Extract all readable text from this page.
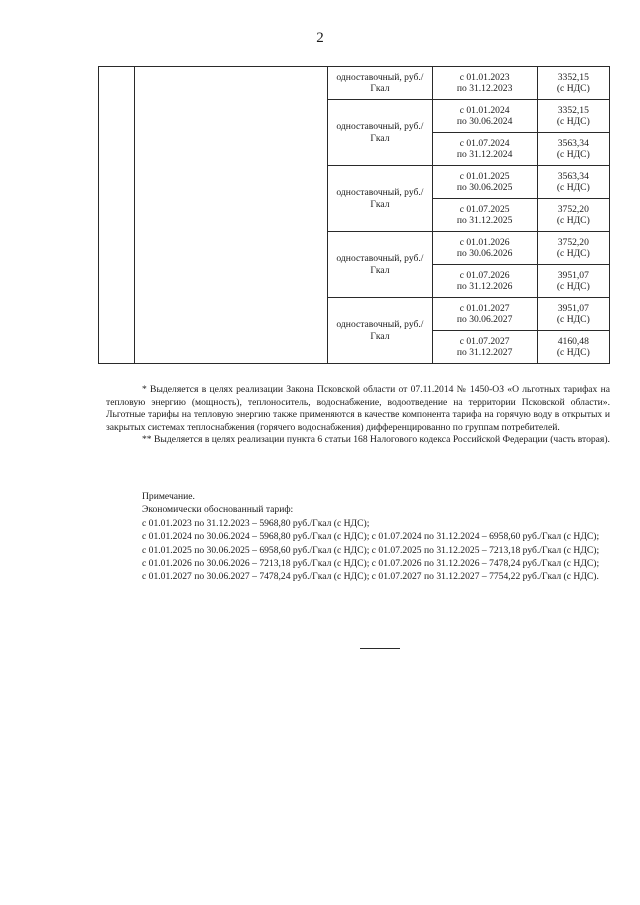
2
		одноставочный, руб./Гкал	с 01.01.2023
по 31.12.2023	3352,15
(с НДС)
		одноставочный, руб./Гкал	с 01.01.2024
по 30.06.2024	3352,15
(с НДС)
			с 01.07.2024
по 31.12.2024	3563,34
(с НДС)
		одноставочный, руб./Гкал	с 01.01.2025
по 30.06.2025	3563,34
(с НДС)
			с 01.07.2025
по 31.12.2025	3752,20
(с НДС)
		одноставочный, руб./Гкал	с 01.01.2026
по 30.06.2026	3752,20
(с НДС)
			с 01.07.2026
по 31.12.2026	3951,07
(с НДС)
		одноставочный, руб./Гкал	с 01.01.2027
по 30.06.2027	3951,07
(с НДС)
			с 01.07.2027
по 31.12.2027	4160,48
(с НДС)

* Выделяется в целях реализации Закона Псковской области от 07.11.2014 № 1450-ОЗ «О льготных тарифах на тепловую энергию (мощность), теплоноситель, водоснабжение, водоотведение на территории Псковской области». Льготные тарифы на тепловую энергию также применяются в качестве компонента тарифа на горячую воду в открытых и закрытых системах теплоснабжения (горячего водоснабжения) дифференцированно по группам потребителей.

** Выделяется в целях реализации пункта 6 статьи 168 Налогового кодекса Российской Федерации (часть вторая).

Примечание.

Экономически обоснованный тариф:

с 01.01.2023 по 31.12.2023 – 5968,80 руб./Гкал (с НДС);

с 01.01.2024 по 30.06.2024 – 5968,80 руб./Гкал (с НДС); с 01.07.2024 по 31.12.2024 – 6958,60 руб./Гкал (с НДС);

с 01.01.2025 по 30.06.2025 – 6958,60 руб./Гкал (с НДС); с 01.07.2025 по 31.12.2025 – 7213,18 руб./Гкал (с НДС);

с 01.01.2026 по 30.06.2026 – 7213,18 руб./Гкал (с НДС); с 01.07.2026 по 31.12.2026 – 7478,24 руб./Гкал (с НДС);

с 01.01.2027 по 30.06.2027 – 7478,24 руб./Гкал (с НДС); с 01.07.2027 по 31.12.2027 – 7754,22 руб./Гкал (с НДС).
